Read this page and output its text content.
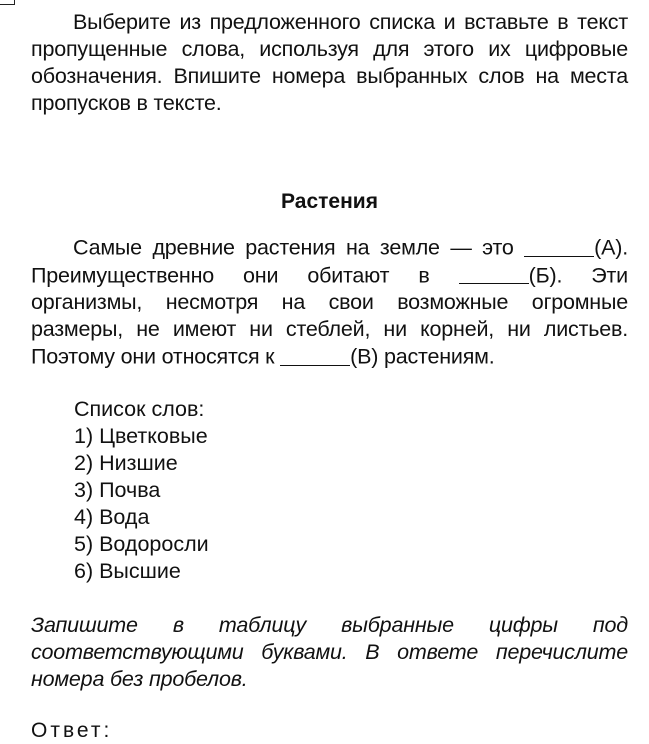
Выберите из предложенного списка и вставьте в текст пропущенные слова, используя для этого их цифровые обозначения. Впишите номера выбранных слов на места пропусков в тексте.
Растения
Самые древние растения на земле — это	(А). Преимущественно они обитают в	(Б). Эти организмы, несмотря на свои возможные огромные размеры, не имеют ни стеблей, ни корней, ни листьев. Поэтому они относятся к	(В) растениям.
Список слов:
1) Цветковые
2) Низшие
3) Почва
4) Вода
5) Водоросли
6) Высшие
Запишите в таблицу выбранные цифры под соответствующими буквами. В ответе перечислите номера без пробелов.
Ответ:
